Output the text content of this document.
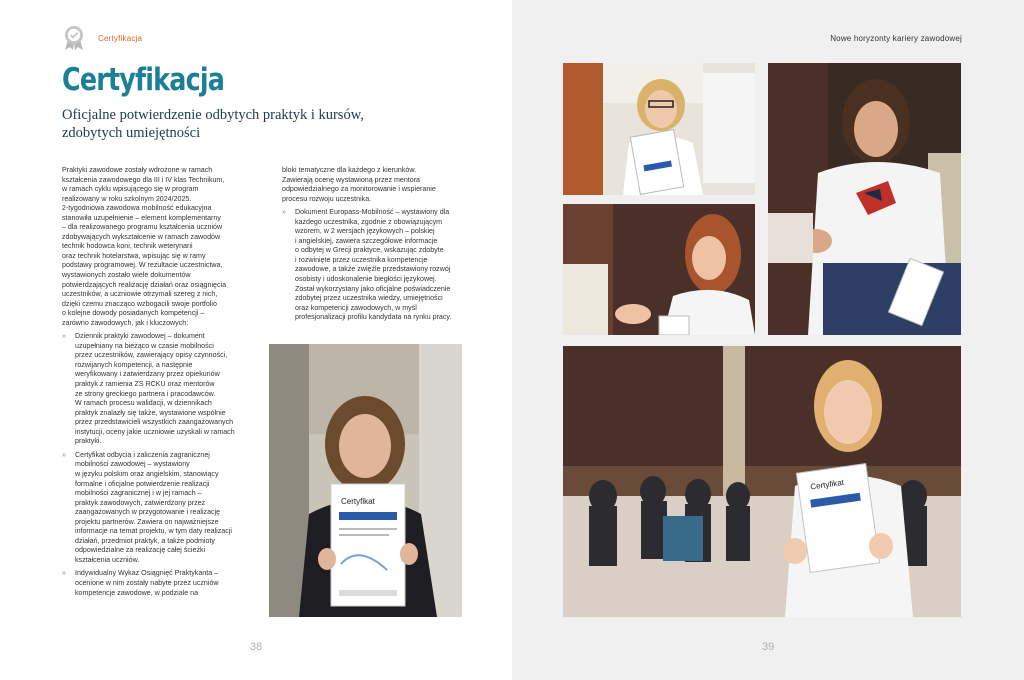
Certyfikacja
Certyfikacja
Oficjalne potwierdzenie odbytych praktyk i kursów,
zdobytych umiejętności

Praktyki zawodowe zostały wdrożone w ramach
kształcenia zawodowego dla III i IV klas Technikum,
w ramach cyklu wpisującego się w program
realizowany w roku szkolnym 2024/2025.
2-tygodniowa zawodowa mobilność edukacyjna
stanowiła uzupełnienie – element komplementarny
– dla realizowanego programu kształcenia uczniów
zdobywających wykształcenie w ramach zawodów
technik hodowca koni, technik weterynarii
oraz technik hotelarstwa, wpisując się w ramy
podstawy programowej. W rezultacie uczestnictwa,
wystawionych zostało wiele dokumentów
potwierdzających realizację działań oraz osiągnięcia
uczestników, a uczniowie otrzymali szereg z nich,
dzięki czemu znacząco wzbogacili swoje portfolio
o kolejne dowody posiadanych kompetencji –
zarówno zawodowych, jak i kluczowych:

» Dziennik praktyki zawodowej – dokument
uzupełniany na bieżąco w czasie mobilności
przez uczestników, zawierający opisy czynności,
rozwijanych kompetencji, a następnie
weryfikowany i zatwierdzany przez opiekunów
praktyk z ramienia ZS RCKU oraz mentorów
ze strony greckiego partnera i pracodawców.
W ramach procesu walidacji, w dziennikach
praktyk znalazły się także, wystawione wspólnie
przez przedstawicieli wszystkich zaangażowanych
instytucji, oceny jakie uczniowie uzyskali w ramach
praktyki.
» Certyfikat odbycia i zaliczenia zagranicznej
mobilności zawodowej – wystawiony
w języku polskim oraz angielskim, stanowiący
formalne i oficjalne potwierdzenie realizacji
mobilności zagranicznej i w jej ramach –
praktyk zawodowych, zatwierdzony przez
zaangażowanych w przygotowanie i realizację
projektu partnerów. Zawiera on najważniejsze
informacje na temat projektu, w tym daty realizacji
działań, przedmiot praktyk, a także podmioty
odpowiedzialne za realizację całej ścieżki
kształcenia uczniów.
» Indywidualny Wykaz Osiągnięć Praktykanta –
ocenione w nim zostały nabyte przez uczniów
kompetencje zawodowe, w podziale na

bloki tematyczne dla każdego z kierunków.
Zawierają ocenę wystawioną przez mentora
odpowiedzialnego za monitorowanie i wspieranie
procesu rozwoju uczestnika.

» Dokument Europass-Mobilność – wystawiony dla
każdego uczestnika, zgodnie z obowiązującym
wzorem, w 2 wersjach językowych – polskiej
i angielskiej, zawiera szczegółowe informacje
o odbytej w Grecji praktyce, wskazując zdobyte
i rozwinięte przez uczestnika kompetencje
zawodowe, a także zwięźle przedstawiony rozwój
osobisty i udoskonalenie biegłości językowej.
Został wykorzystany jako oficjalne poświadczenie
zdobytej przez uczestnika wiedzy, umiejętności
oraz kompetencji zawodowych, w myśl
profesjonalizacji profilu kandydata na rynku pracy.
Certyfikat
38
Nowe horyzonty kariery zawodowej
Certyfikat
39
